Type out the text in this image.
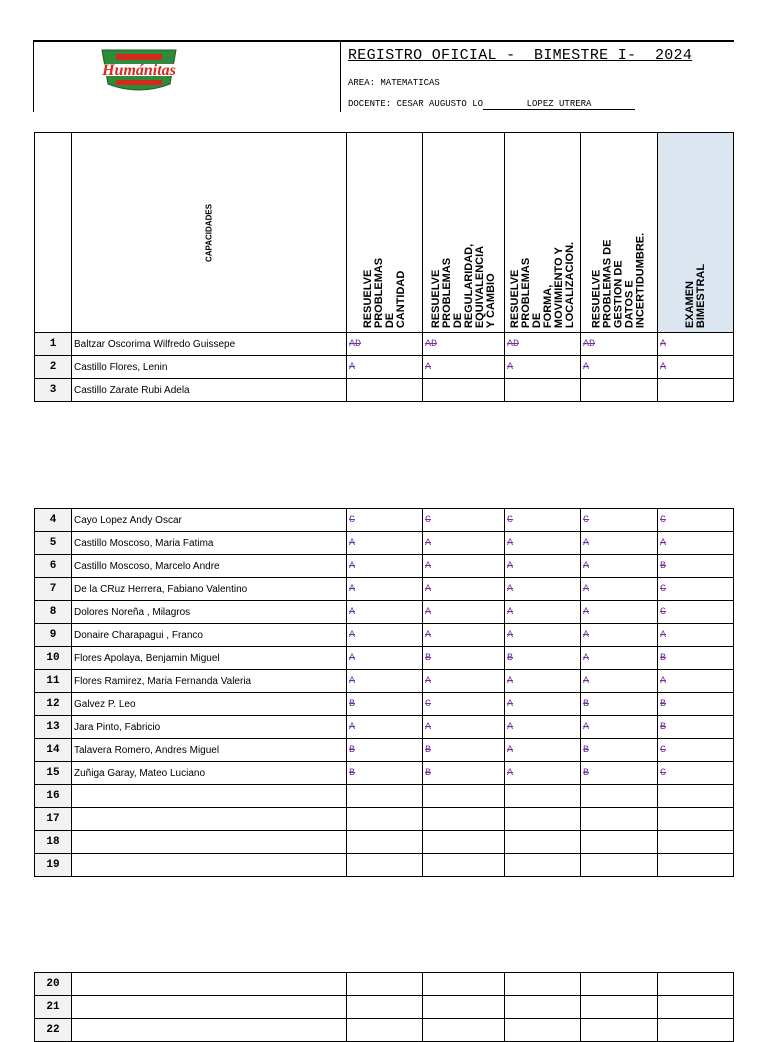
Humánitas
REGISTRO OFICIAL -  BIMESTRE I-  2024
AREA: MATEMATICAS
DOCENTE: CESAR AUGUSTO LO	LOPEZ UTRERA

	CAPACIDADES	RESUELVE PROBLEMAS DE
CANTIDAD	RESUELVE PROBLEMAS DE
REGULARIDAD, EQUIVALENCIA
Y CAMBIO	RESUELVE PROBLEMAS DE
FORMA, MOVIMIENTO Y
LOCALIZACION.	RESUELVE PROBLEMAS DE
GESTION DE DATOS E
INCERTIDUMBRE.	EXAMEN BIMESTRAL

1	Baltzar Oscorima Wilfredo Guissepe	AD	AD	AD	AD	A
2	Castillo Flores, Lenin	A	A	A	A	A
3	Castillo Zarate Rubi Adela					
4	Cayo Lopez Andy Oscar	C	C	C	C	C
5	Castillo Moscoso, Maria Fatima	A	A	A	A	A
6	Castillo Moscoso, Marcelo Andre	A	A	A	A	B
7	De la CRuz Herrera, Fabiano Valentino	A	A	A	A	C
8	Dolores Noreña , Milagros	A	A	A	A	C
9	Donaire Charapagui , Franco	A	A	A	A	A
10	Flores Apolaya, Benjamin Miguel	A	B	B	A	B
11	Flores Ramirez, Maria Fernanda Valeria	A	A	A	A	A
12	Galvez P. Leo	B	C	A	B	B
13	Jara Pinto, Fabricio	A	A	A	A	B
14	Talavera Romero, Andres Miguel	B	B	A	B	C
15	Zuñiga Garay, Mateo Luciano	B	B	A	B	C
16						
17						
18						
19						
20						
21						
22						
